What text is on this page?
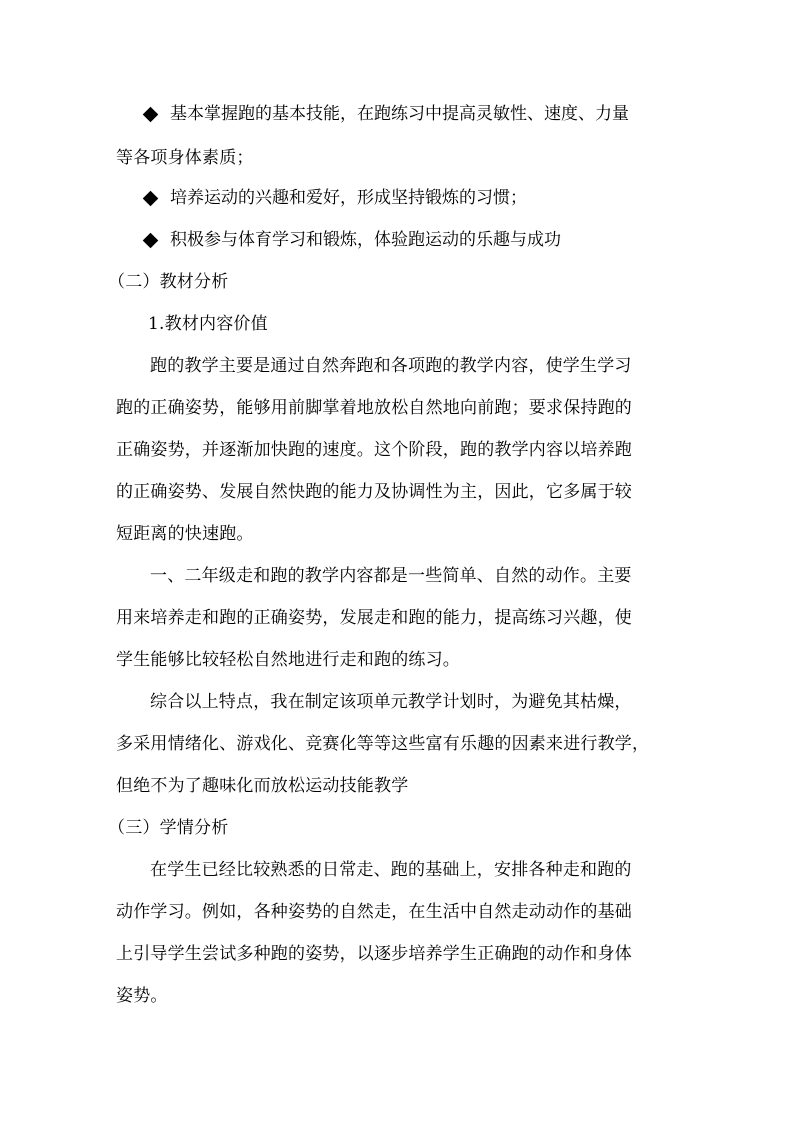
基本掌握跑的基本技能，在跑练习中提高灵敏性、速度、力量
等各项身体素质；
培养运动的兴趣和爱好，形成坚持锻炼的习惯；
积极参与体育学习和锻炼，体验跑运动的乐趣与成功
（二）教材分析
1.教材内容价值
跑的教学主要是通过自然奔跑和各项跑的教学内容，使学生学习
跑的正确姿势，能够用前脚掌着地放松自然地向前跑；要求保持跑的
正确姿势，并逐渐加快跑的速度。这个阶段，跑的教学内容以培养跑
的正确姿势、发展自然快跑的能力及协调性为主，因此，它多属于较
短距离的快速跑。
一、二年级走和跑的教学内容都是一些简单、自然的动作。主要
用来培养走和跑的正确姿势，发展走和跑的能力，提高练习兴趣，使
学生能够比较轻松自然地进行走和跑的练习。
综合以上特点，我在制定该项单元教学计划时，为避免其枯燥，
多采用情绪化、游戏化、竞赛化等等这些富有乐趣的因素来进行教学，
但绝不为了趣味化而放松运动技能教学
（三）学情分析
在学生已经比较熟悉的日常走、跑的基础上，安排各种走和跑的
动作学习。例如，各种姿势的自然走，在生活中自然走动动作的基础
上引导学生尝试多种跑的姿势，以逐步培养学生正确跑的动作和身体
姿势。
